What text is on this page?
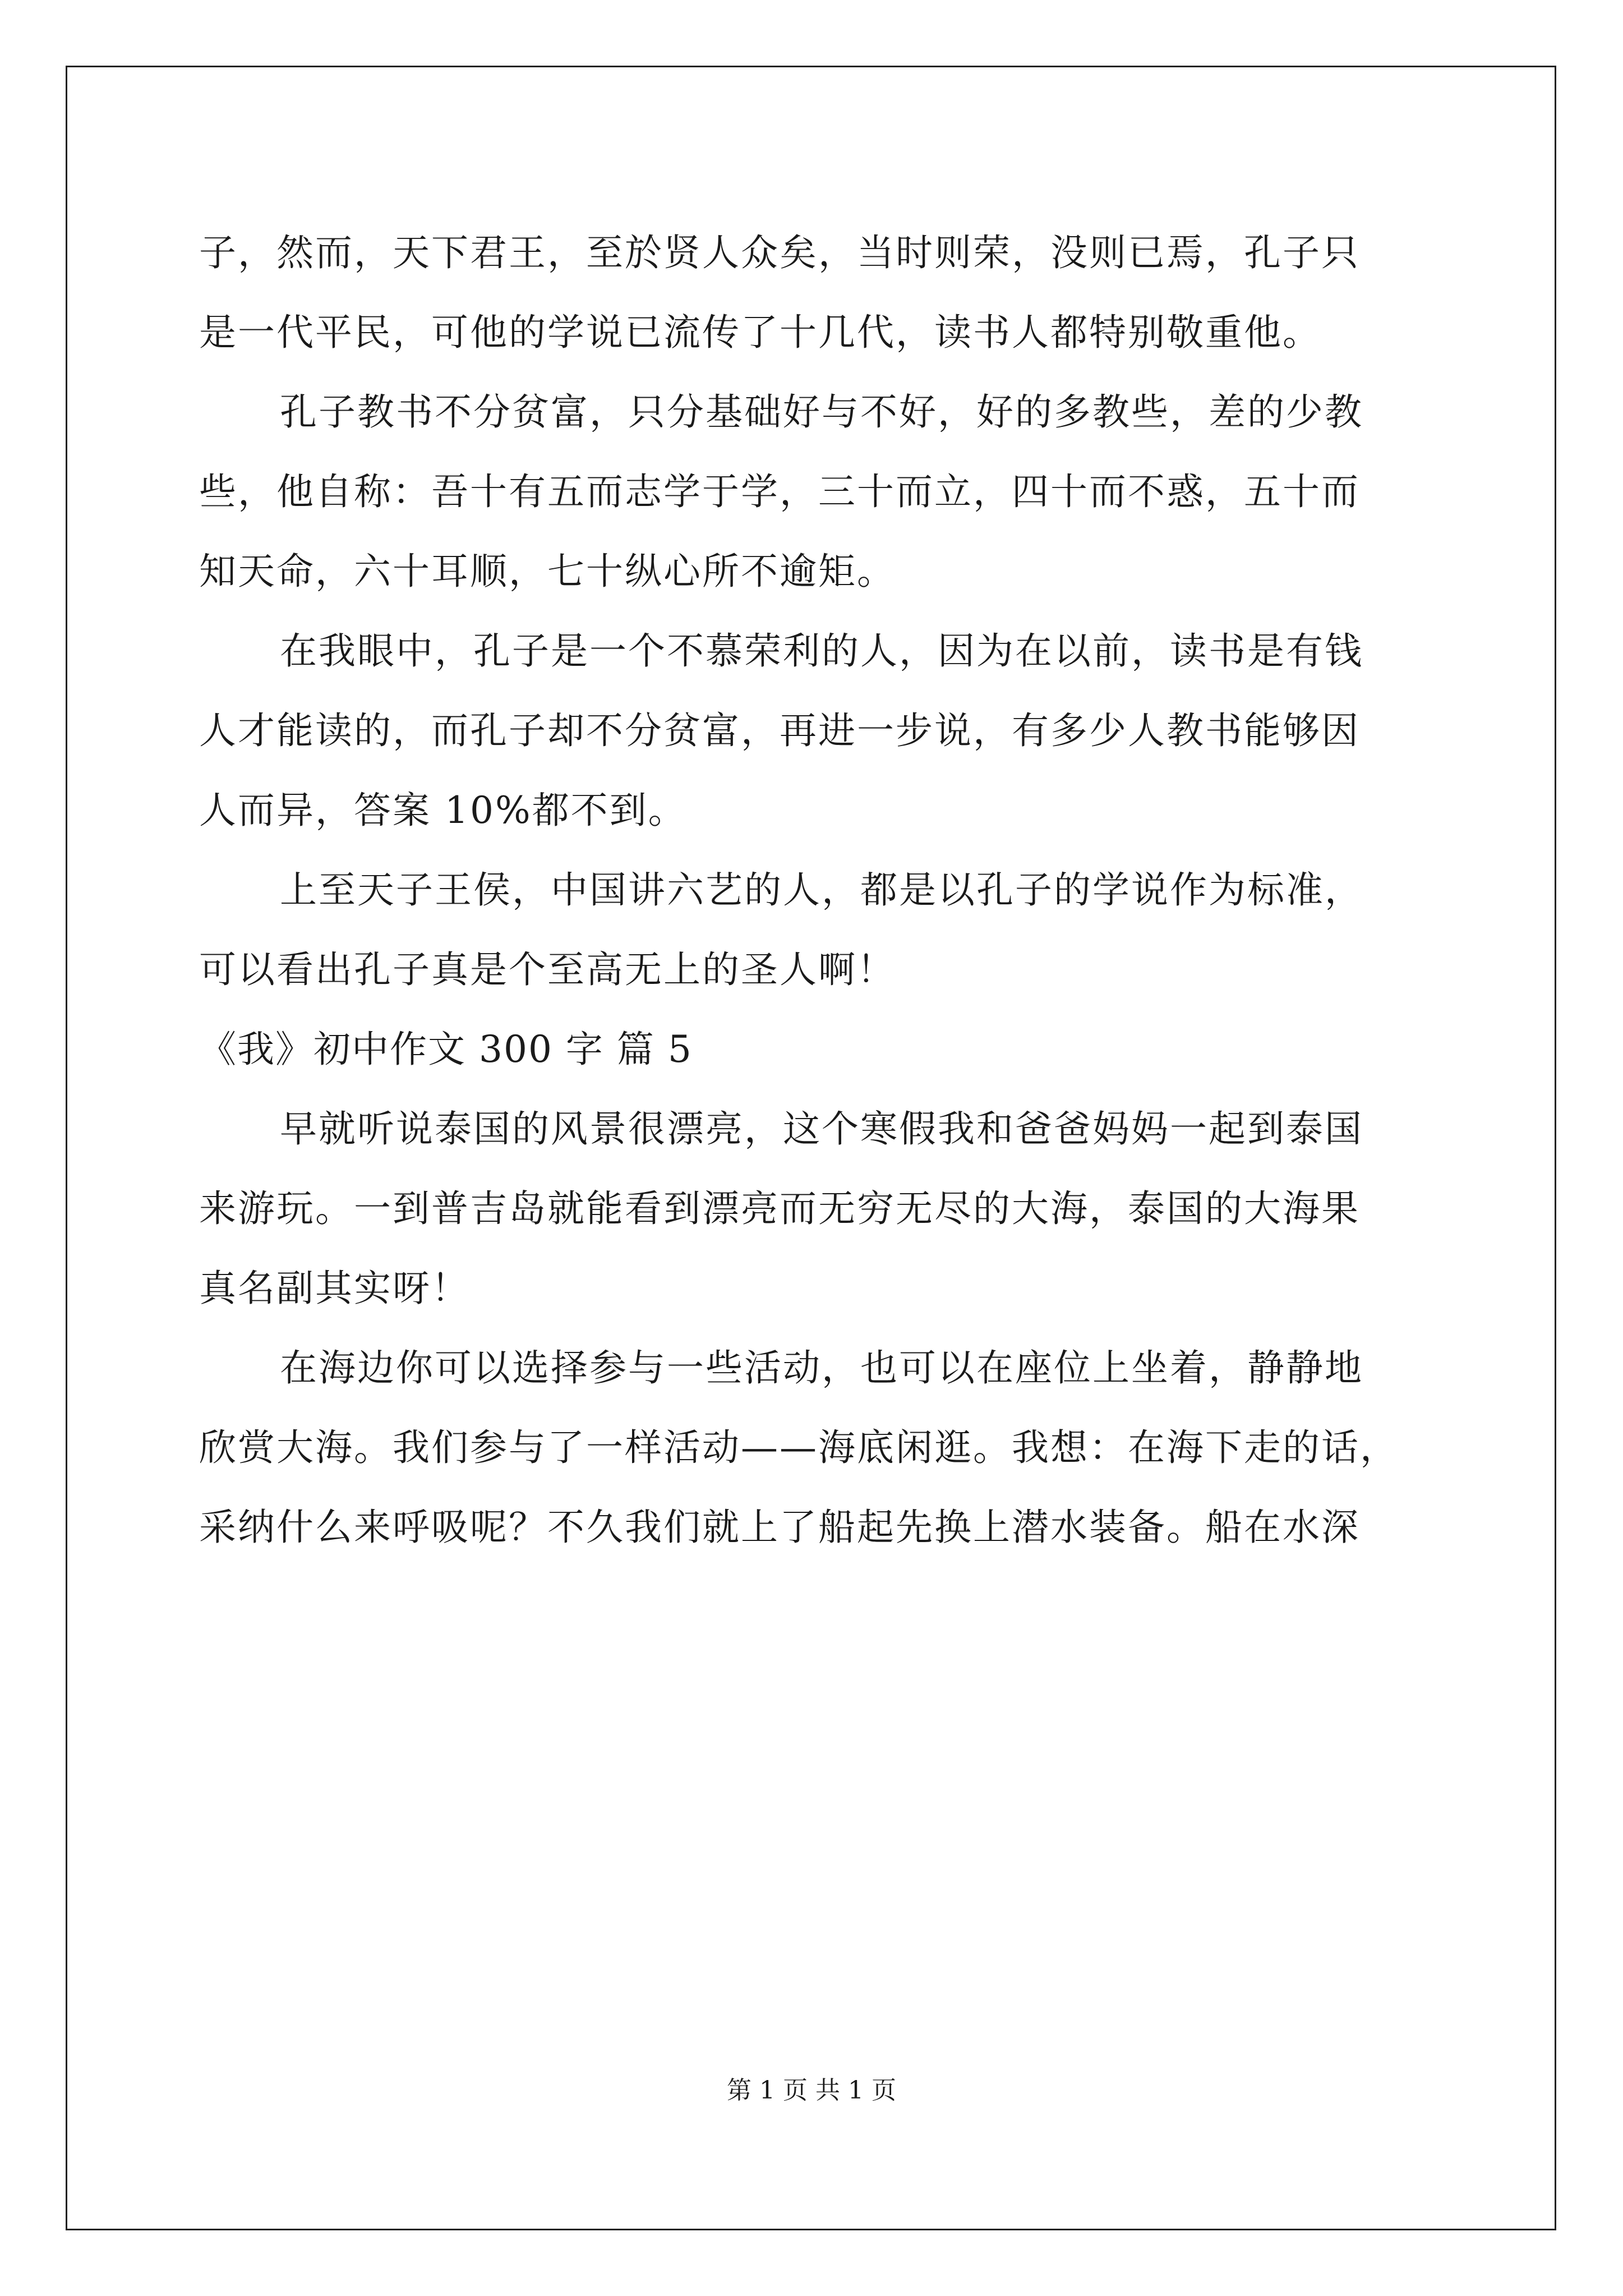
子，然而，天下君王，至於贤人众矣，当时则荣，没则已焉，孔子只
是一代平民，可他的学说已流传了十几代，读书人都特别敬重他。
孔子教书不分贫富，只分基础好与不好，好的多教些，差的少教
些，他自称：吾十有五而志学于学，三十而立，四十而不惑，五十而
知天命，六十耳顺，七十纵心所不逾矩。
在我眼中，孔子是一个不慕荣利的人，因为在以前，读书是有钱
人才能读的，而孔子却不分贫富，再进一步说，有多少人教书能够因
人而异，答案 10%都不到。
上至天子王侯，中国讲六艺的人，都是以孔子的学说作为标准，
可以看出孔子真是个至高无上的圣人啊！
《我》初中作文 300 字 篇 5
早就听说泰国的风景很漂亮，这个寒假我和爸爸妈妈一起到泰国
来游玩。一到普吉岛就能看到漂亮而无穷无尽的大海，泰国的大海果
真名副其实呀！
在海边你可以选择参与一些活动，也可以在座位上坐着，静静地
欣赏大海。我们参与了一样活动——海底闲逛。我想：在海下走的话，
采纳什么来呼吸呢？不久我们就上了船起先换上潜水装备。船在水深
第 1 页 共 1 页
